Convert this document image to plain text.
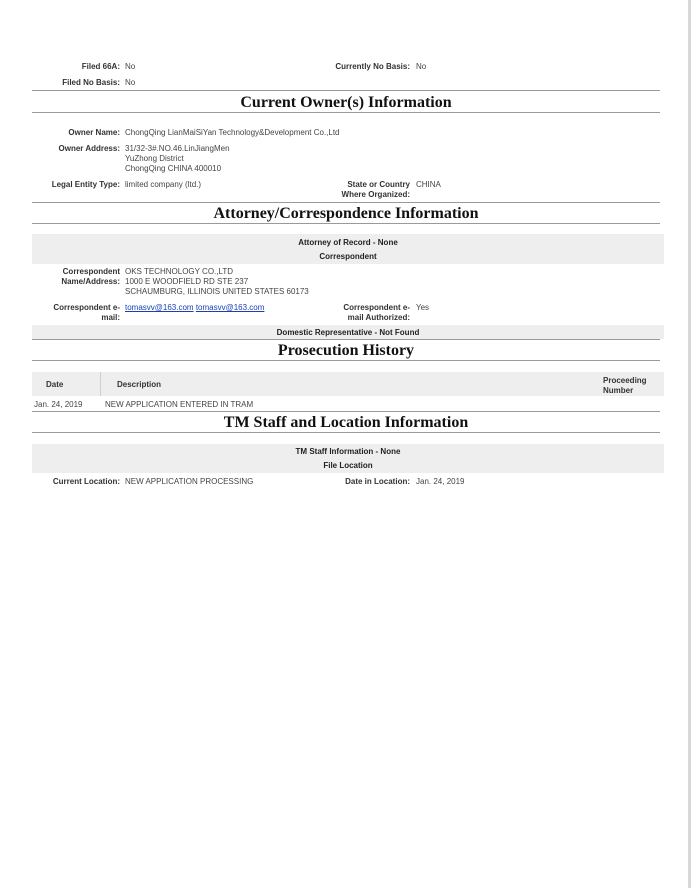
Filed 66A: No	Currently No Basis: No
Filed No Basis: No
Current Owner(s) Information
Owner Name: ChongQing LianMaiSiYan Technology&Development Co.,Ltd
Owner Address: 31/32-3#.NO.46.LinJiangMen
YuZhong District
ChongQing CHINA 400010
Legal Entity Type: limited company (ltd.)	State or Country
Where Organized:
CHINA
Attorney/Correspondence Information
Attorney of Record - None
Correspondent
Correspondent
Name/Address:
OKS TECHNOLOGY CO.,LTD
1000 E WOODFIELD RD STE 237
SCHAUMBURG, ILLINOIS UNITED STATES 60173
Correspondent e-
mail:
tomasvv@163.com tomasvv@163.com	Correspondent e-
mail Authorized:
Yes
Domestic Representative - Not Found
Prosecution History
Date	Description	Proceeding
Number
Jan. 24, 2019	NEW APPLICATION ENTERED IN TRAM
TM Staff and Location Information
TM Staff Information - None
File Location
Current Location: NEW APPLICATION PROCESSING	Date in Location: Jan. 24, 2019
